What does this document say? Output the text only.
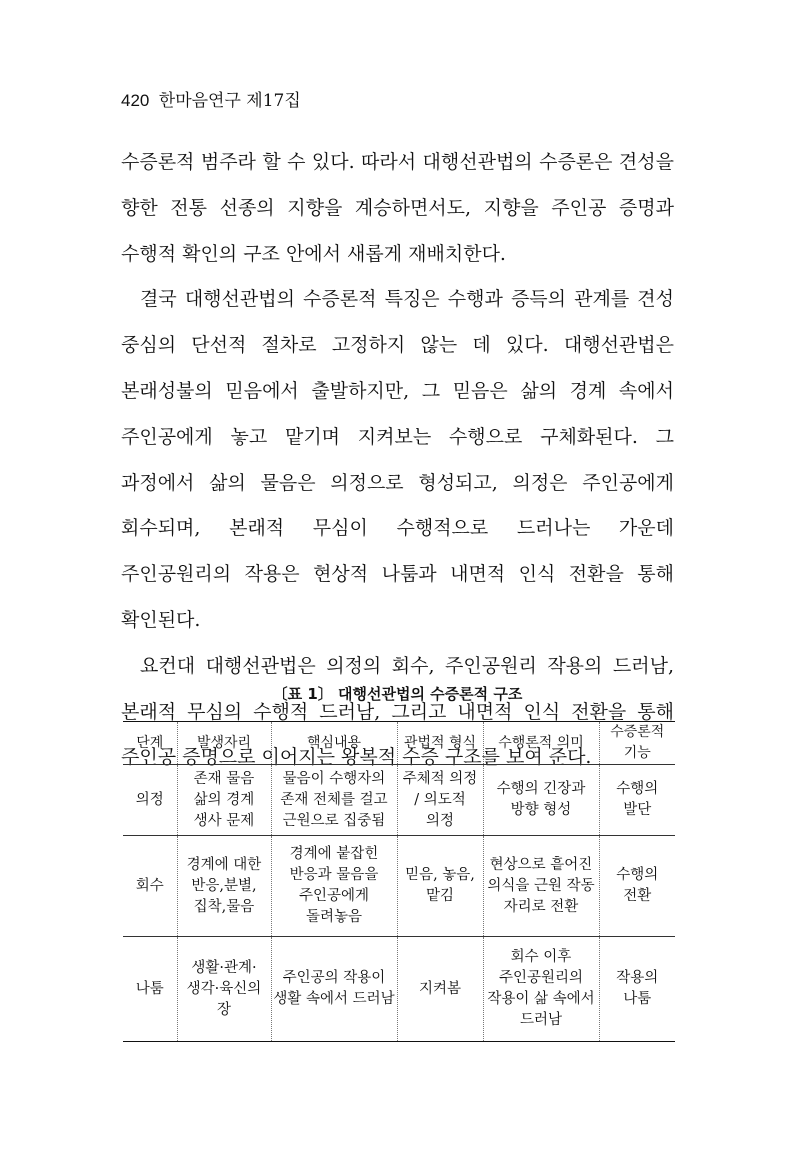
420 한마음연구 제17집

수증론적 범주라 할 수 있다. 따라서 대행선관법의 수증론은 견성을 향한 전통 선종의 지향을 계승하면서도, 지향을 주인공 증명과 수행적 확인의 구조 안에서 새롭게 재배치한다.

결국 대행선관법의 수증론적 특징은 수행과 증득의 관계를 견성 중심의 단선적 절차로 고정하지 않는 데 있다. 대행선관법은 본래성불의 믿음에서 출발하지만, 그 믿음은 삶의 경계 속에서 주인공에게 놓고 맡기며 지켜보는 수행으로 구체화된다. 그 과정에서 삶의 물음은 의정으로 형성되고, 의정은 주인공에게 회수되며, 본래적 무심이 수행적으로 드러나는 가운데 주인공원리의 작용은 현상적 나툼과 내면적 인식 전환을 통해 확인된다.

요컨대 대행선관법은 의정의 회수, 주인공원리 작용의 드러남, 본래적 무심의 수행적 드러남, 그리고 내면적 인식 전환을 통해 주인공 증명으로 이어지는 왕복적 수증 구조를 보여 준다.

〔표 1〕 대행선관법의 수증론적 구조
단계	발생자리	핵심내용	관법적 형식	수행론적 의미	수증론적
기능
의정	존재 물음
삶의 경계
생사 문제	물음이 수행자의
존재 전체를 걸고
근원으로 집중됨	주체적 의정
/ 의도적
의정	수행의 긴장과
방향 형성	수행의
발단
회수	경계에 대한
반응,분별,
집착,물음	경계에 붙잡힌
반응과 물음을
주인공에게
돌려놓음	믿음, 놓음,
맡김	현상으로 흩어진
의식을 근원 작동
자리로 전환	수행의
전환
나툼	생활·관계·
생각·육신의
장	주인공의 작용이
생활 속에서 드러남	지켜봄	회수 이후
주인공원리의
작용이 삶 속에서
드러남	작용의
나툼
